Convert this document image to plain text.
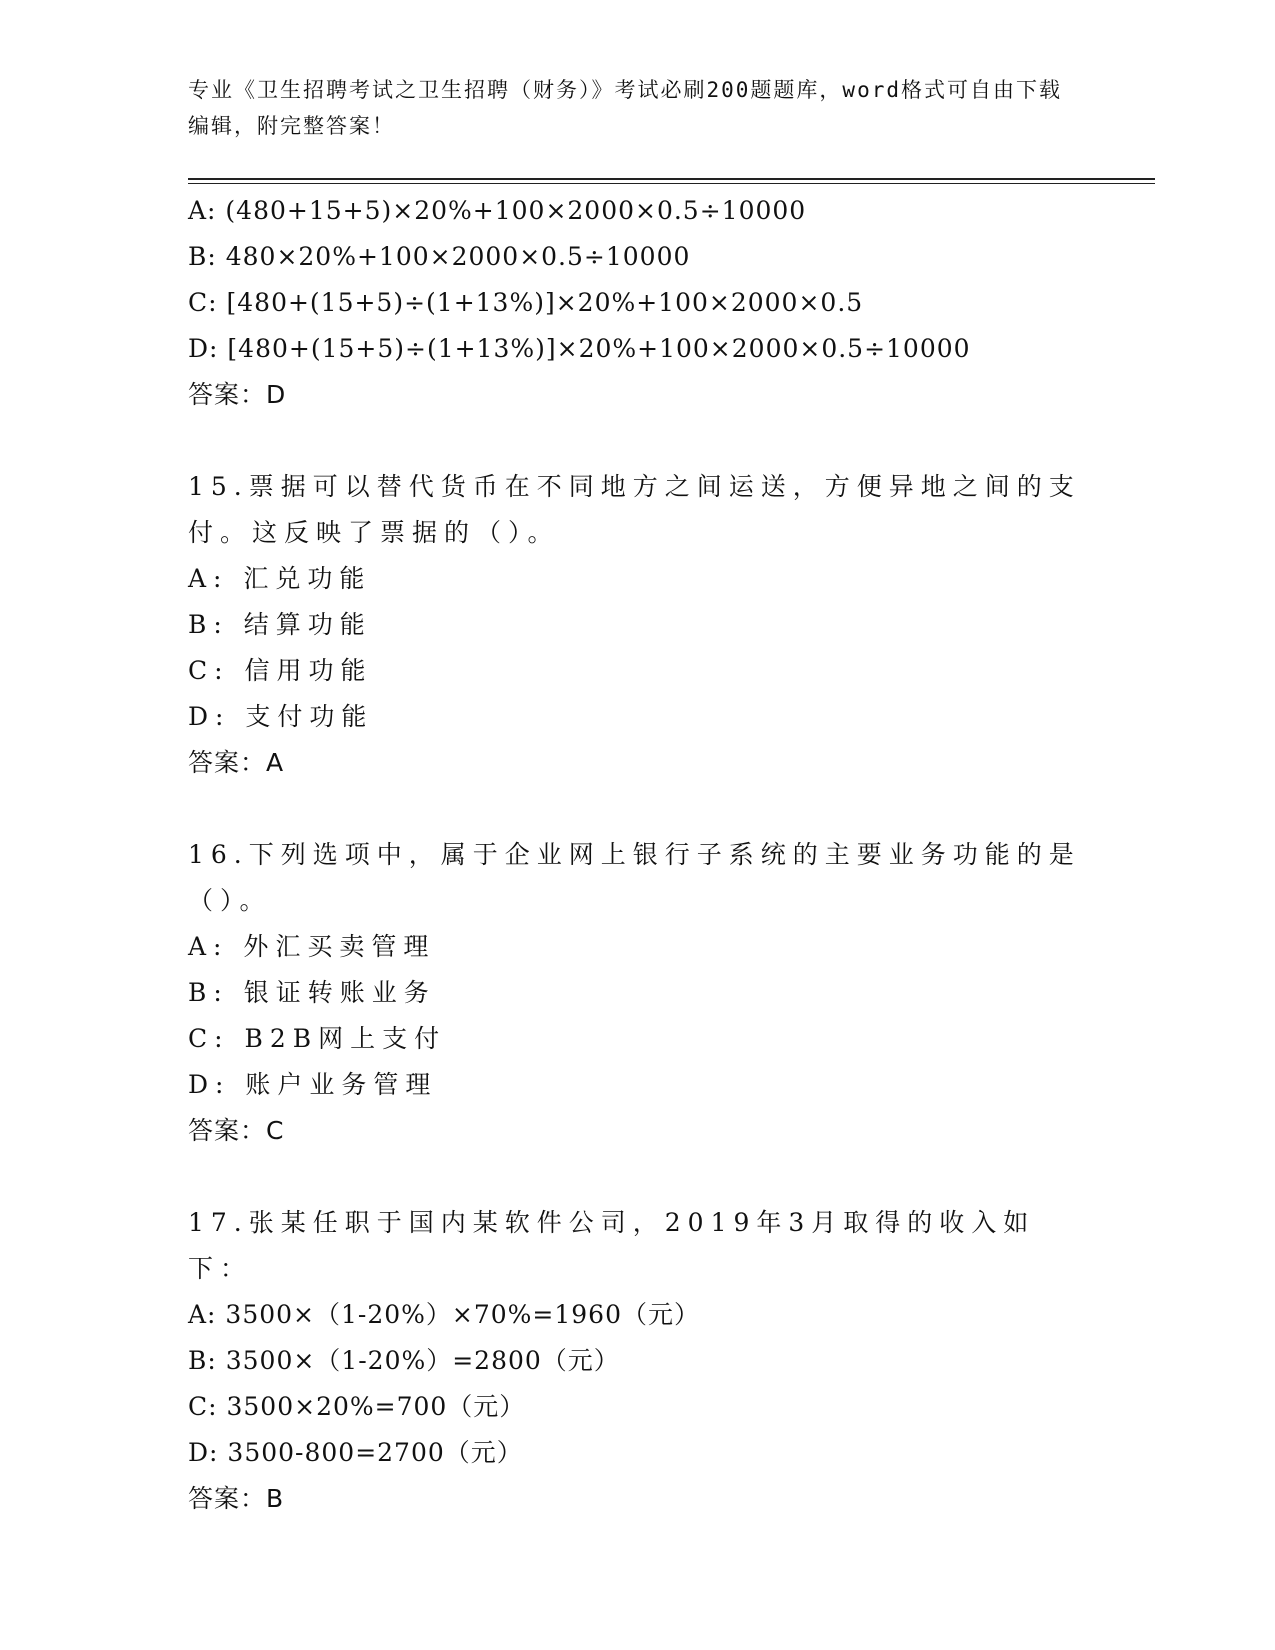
专业《卫生招聘考试之卫生招聘（财务）》考试必刷200题题库，word格式可自由下载编辑，附完整答案！
A: (480+15+5)×20%+100×2000×0.5÷10000
B: 480×20%+100×2000×0.5÷10000
C: [480+(15+5)÷(1+13%)]×20%+100×2000×0.5
D: [480+(15+5)÷(1+13%)]×20%+100×2000×0.5÷10000
答案：D
15.票据可以替代货币在不同地方之间运送，方便异地之间的支付。这反映了票据的（）。
A: 汇兑功能
B: 结算功能
C: 信用功能
D: 支付功能
答案：A
16.下列选项中，属于企业网上银行子系统的主要业务功能的是（）。
A: 外汇买卖管理
B: 银证转账业务
C: B2B网上支付
D: 账户业务管理
答案：C
17.张某任职于国内某软件公司，2019年3月取得的收入如下：
A: 3500×（1-20%）×70%=1960（元）
B: 3500×（1-20%）=2800（元）
C: 3500×20%=700（元）
D: 3500-800=2700（元）
答案：B
